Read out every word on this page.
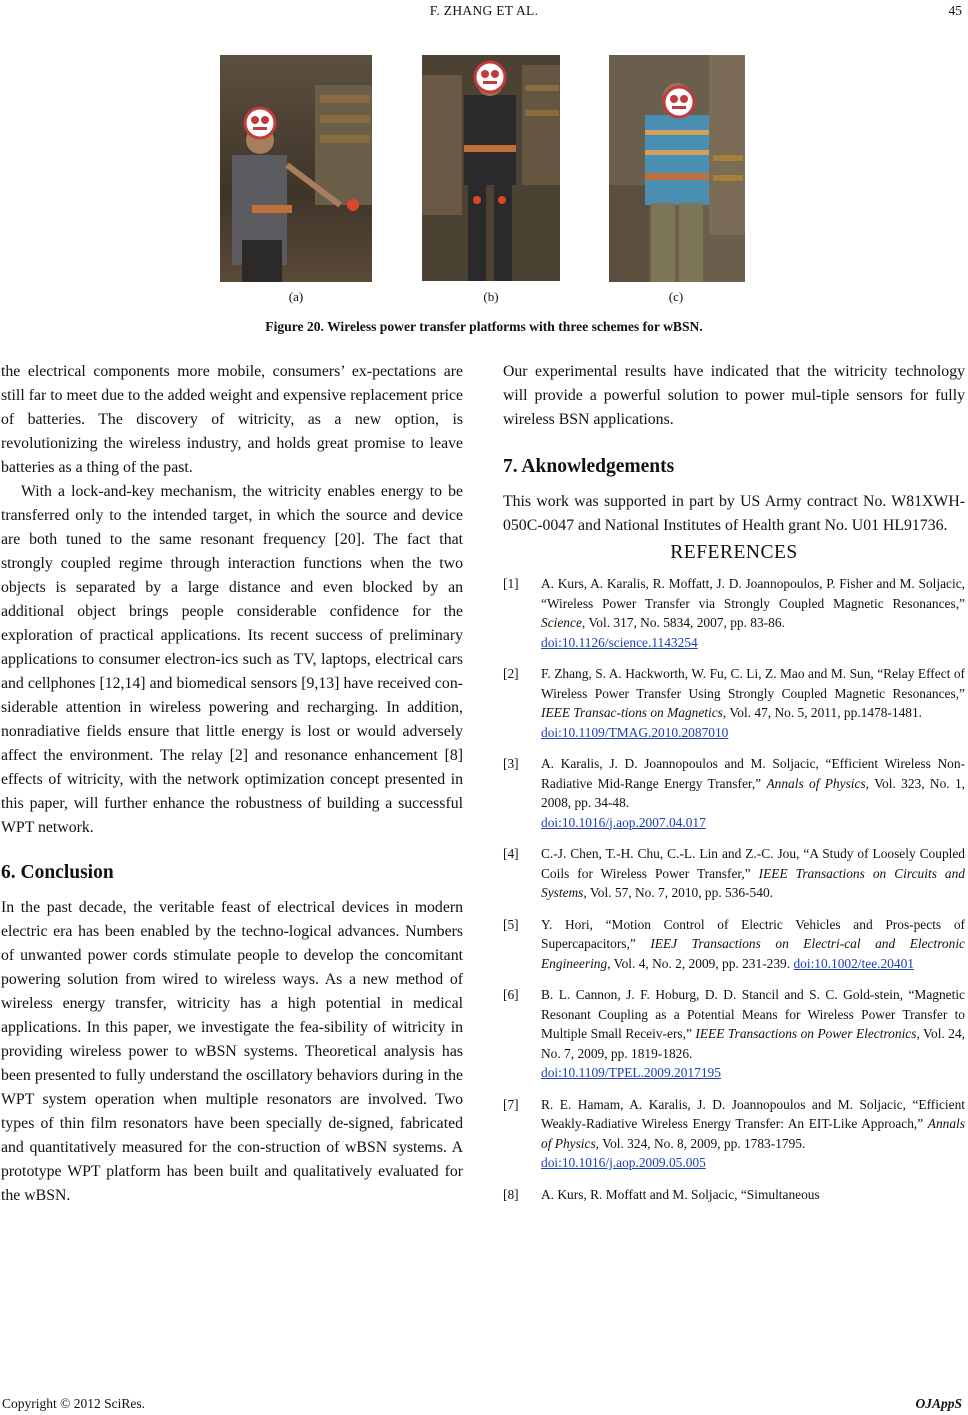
F. ZHANG ET AL.	45
(a)	(b)	(c)
Figure 20. Wireless power transfer platforms with three schemes for wBSN.

the electrical components more mobile, consumers’ ex-pectations are still far to meet due to the added weight and expensive replacement price of batteries. The discovery of witricity, as a new option, is revolutionizing the wireless industry, and holds great promise to leave batteries as a thing of the past.

With a lock-and-key mechanism, the witricity enables energy to be transferred only to the intended target, in which the source and device are both tuned to the same resonant frequency [20]. The fact that strongly coupled regime through interaction functions when the two objects is separated by a large distance and even blocked by an additional object brings people considerable confidence for the exploration of practical applications. Its recent success of preliminary applications to consumer electron-ics such as TV, laptops, electrical cars and cellphones [12,14] and biomedical sensors [9,13] have received con-siderable attention in wireless powering and recharging. In addition, nonradiative fields ensure that little energy is lost or would adversely affect the environment. The relay [2] and resonance enhancement [8] effects of witricity, with the network optimization concept presented in this paper, will further enhance the robustness of building a successful WPT network.

6. Conclusion

In the past decade, the veritable feast of electrical devices in modern electric era has been enabled by the techno-logical advances. Numbers of unwanted power cords stimulate people to develop the concomitant powering solution from wired to wireless ways. As a new method of wireless energy transfer, witricity has a high potential in medical applications. In this paper, we investigate the fea-sibility of witricity in providing wireless power to wBSN systems. Theoretical analysis has been presented to fully understand the oscillatory behaviors during in the WPT system operation when multiple resonators are involved. Two types of thin film resonators have been specially de-signed, fabricated and quantitatively measured for the con-struction of wBSN systems. A prototype WPT platform has been built and qualitatively evaluated for the wBSN.

Our experimental results have indicated that the witricity technology will provide a powerful solution to power mul-tiple sensors for fully wireless BSN applications.

7. Aknowledgements

This work was supported in part by US Army contract No. W81XWH-050C-0047 and National Institutes of Health grant No. U01 HL91736.

REFERENCES
[1]	A. Kurs, A. Karalis, R. Moffatt, J. D. Joannopoulos, P. Fisher and M. Soljacic, “Wireless Power Transfer via Strongly Coupled Magnetic Resonances,” Science, Vol. 317, No. 5834, 2007, pp. 83-86.
doi:10.1126/science.1143254
[2]	F. Zhang, S. A. Hackworth, W. Fu, C. Li, Z. Mao and M. Sun, “Relay Effect of Wireless Power Transfer Using Strongly Coupled Magnetic Resonances,” IEEE Transac-tions on Magnetics, Vol. 47, No. 5, 2011, pp.1478-1481.
doi:10.1109/TMAG.2010.2087010
[3]	A. Karalis, J. D. Joannopoulos and M. Soljacic, “Efficient Wireless Non-Radiative Mid-Range Energy Transfer,” Annals of Physics, Vol. 323, No. 1, 2008, pp. 34-48.
doi:10.1016/j.aop.2007.04.017
[4]	C.-J. Chen, T.-H. Chu, C.-L. Lin and Z.-C. Jou, “A Study of Loosely Coupled Coils for Wireless Power Transfer,” IEEE Transactions on Circuits and Systems, Vol. 57, No. 7, 2010, pp. 536-540.
[5]	Y. Hori, “Motion Control of Electric Vehicles and Pros-pects of Supercapacitors,” IEEJ Transactions on Electri-cal and Electronic Engineering, Vol. 4, No. 2, 2009, pp. 231-239. doi:10.1002/tee.20401
[6]	B. L. Cannon, J. F. Hoburg, D. D. Stancil and S. C. Gold-stein, “Magnetic Resonant Coupling as a Potential Means for Wireless Power Transfer to Multiple Small Receiv-ers,” IEEE Transactions on Power Electronics, Vol. 24, No. 7, 2009, pp. 1819-1826.
doi:10.1109/TPEL.2009.2017195
[7]	R. E. Hamam, A. Karalis, J. D. Joannopoulos and M. Soljacic, “Efficient Weakly-Radiative Wireless Energy Transfer: An EIT-Like Approach,” Annals of Physics, Vol. 324, No. 8, 2009, pp. 1783-1795.
doi:10.1016/j.aop.2009.05.005
[8]	A. Kurs, R. Moffatt and M. Soljacic, “Simultaneous
Copyright © 2012 SciRes.	OJAppS
